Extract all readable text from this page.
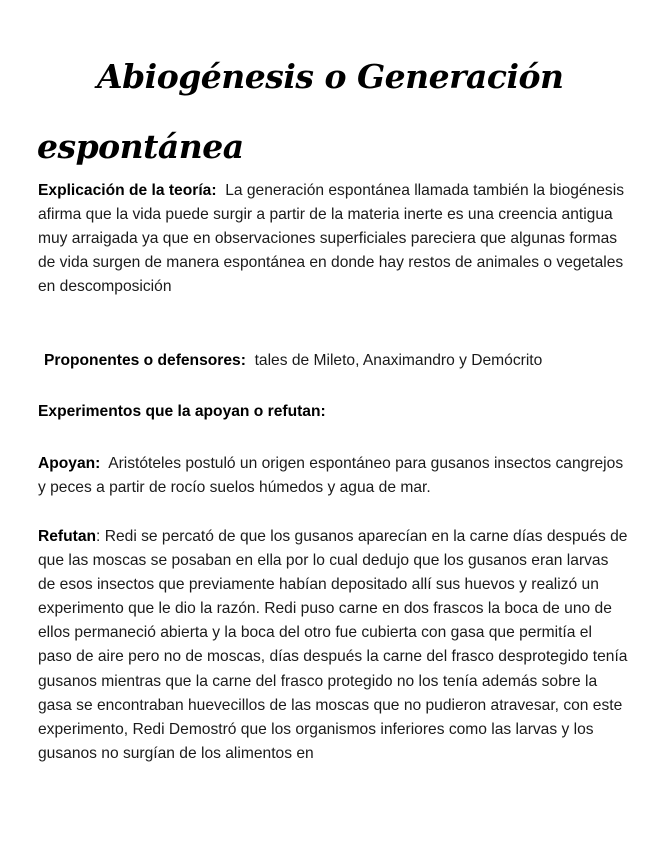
Abiogénesis o Generación espontánea

Explicación de la teoría: La generación espontánea llamada también la biogénesis afirma que la vida puede surgir a partir de la materia inerte es una creencia antigua muy arraigada ya que en observaciones superficiales pareciera que algunas formas de vida surgen de manera espontánea en donde hay restos de animales o vegetales en descomposición

Proponentes o defensores: tales de Mileto, Anaximandro y Demócrito

Experimentos que la apoyan o refutan:

Apoyan: Aristóteles postuló un origen espontáneo para gusanos insectos cangrejos y peces a partir de rocío suelos húmedos y agua de mar.

Refutan: Redi se percató de que los gusanos aparecían en la carne días después de que las moscas se posaban en ella por lo cual dedujo que los gusanos eran larvas de esos insectos que previamente habían depositado allí sus huevos y realizó un experimento que le dio la razón. Redi puso carne en dos frascos la boca de uno de ellos permaneció abierta y la boca del otro fue cubierta con gasa que permitía el paso de aire pero no de moscas, días después la carne del frasco desprotegido tenía gusanos mientras que la carne del frasco protegido no los tenía además sobre la gasa se encontraban huevecillos de las moscas que no pudieron atravesar, con este experimento, Redi Demostró que los organismos inferiores como las larvas y los gusanos no surgían de los alimentos en
